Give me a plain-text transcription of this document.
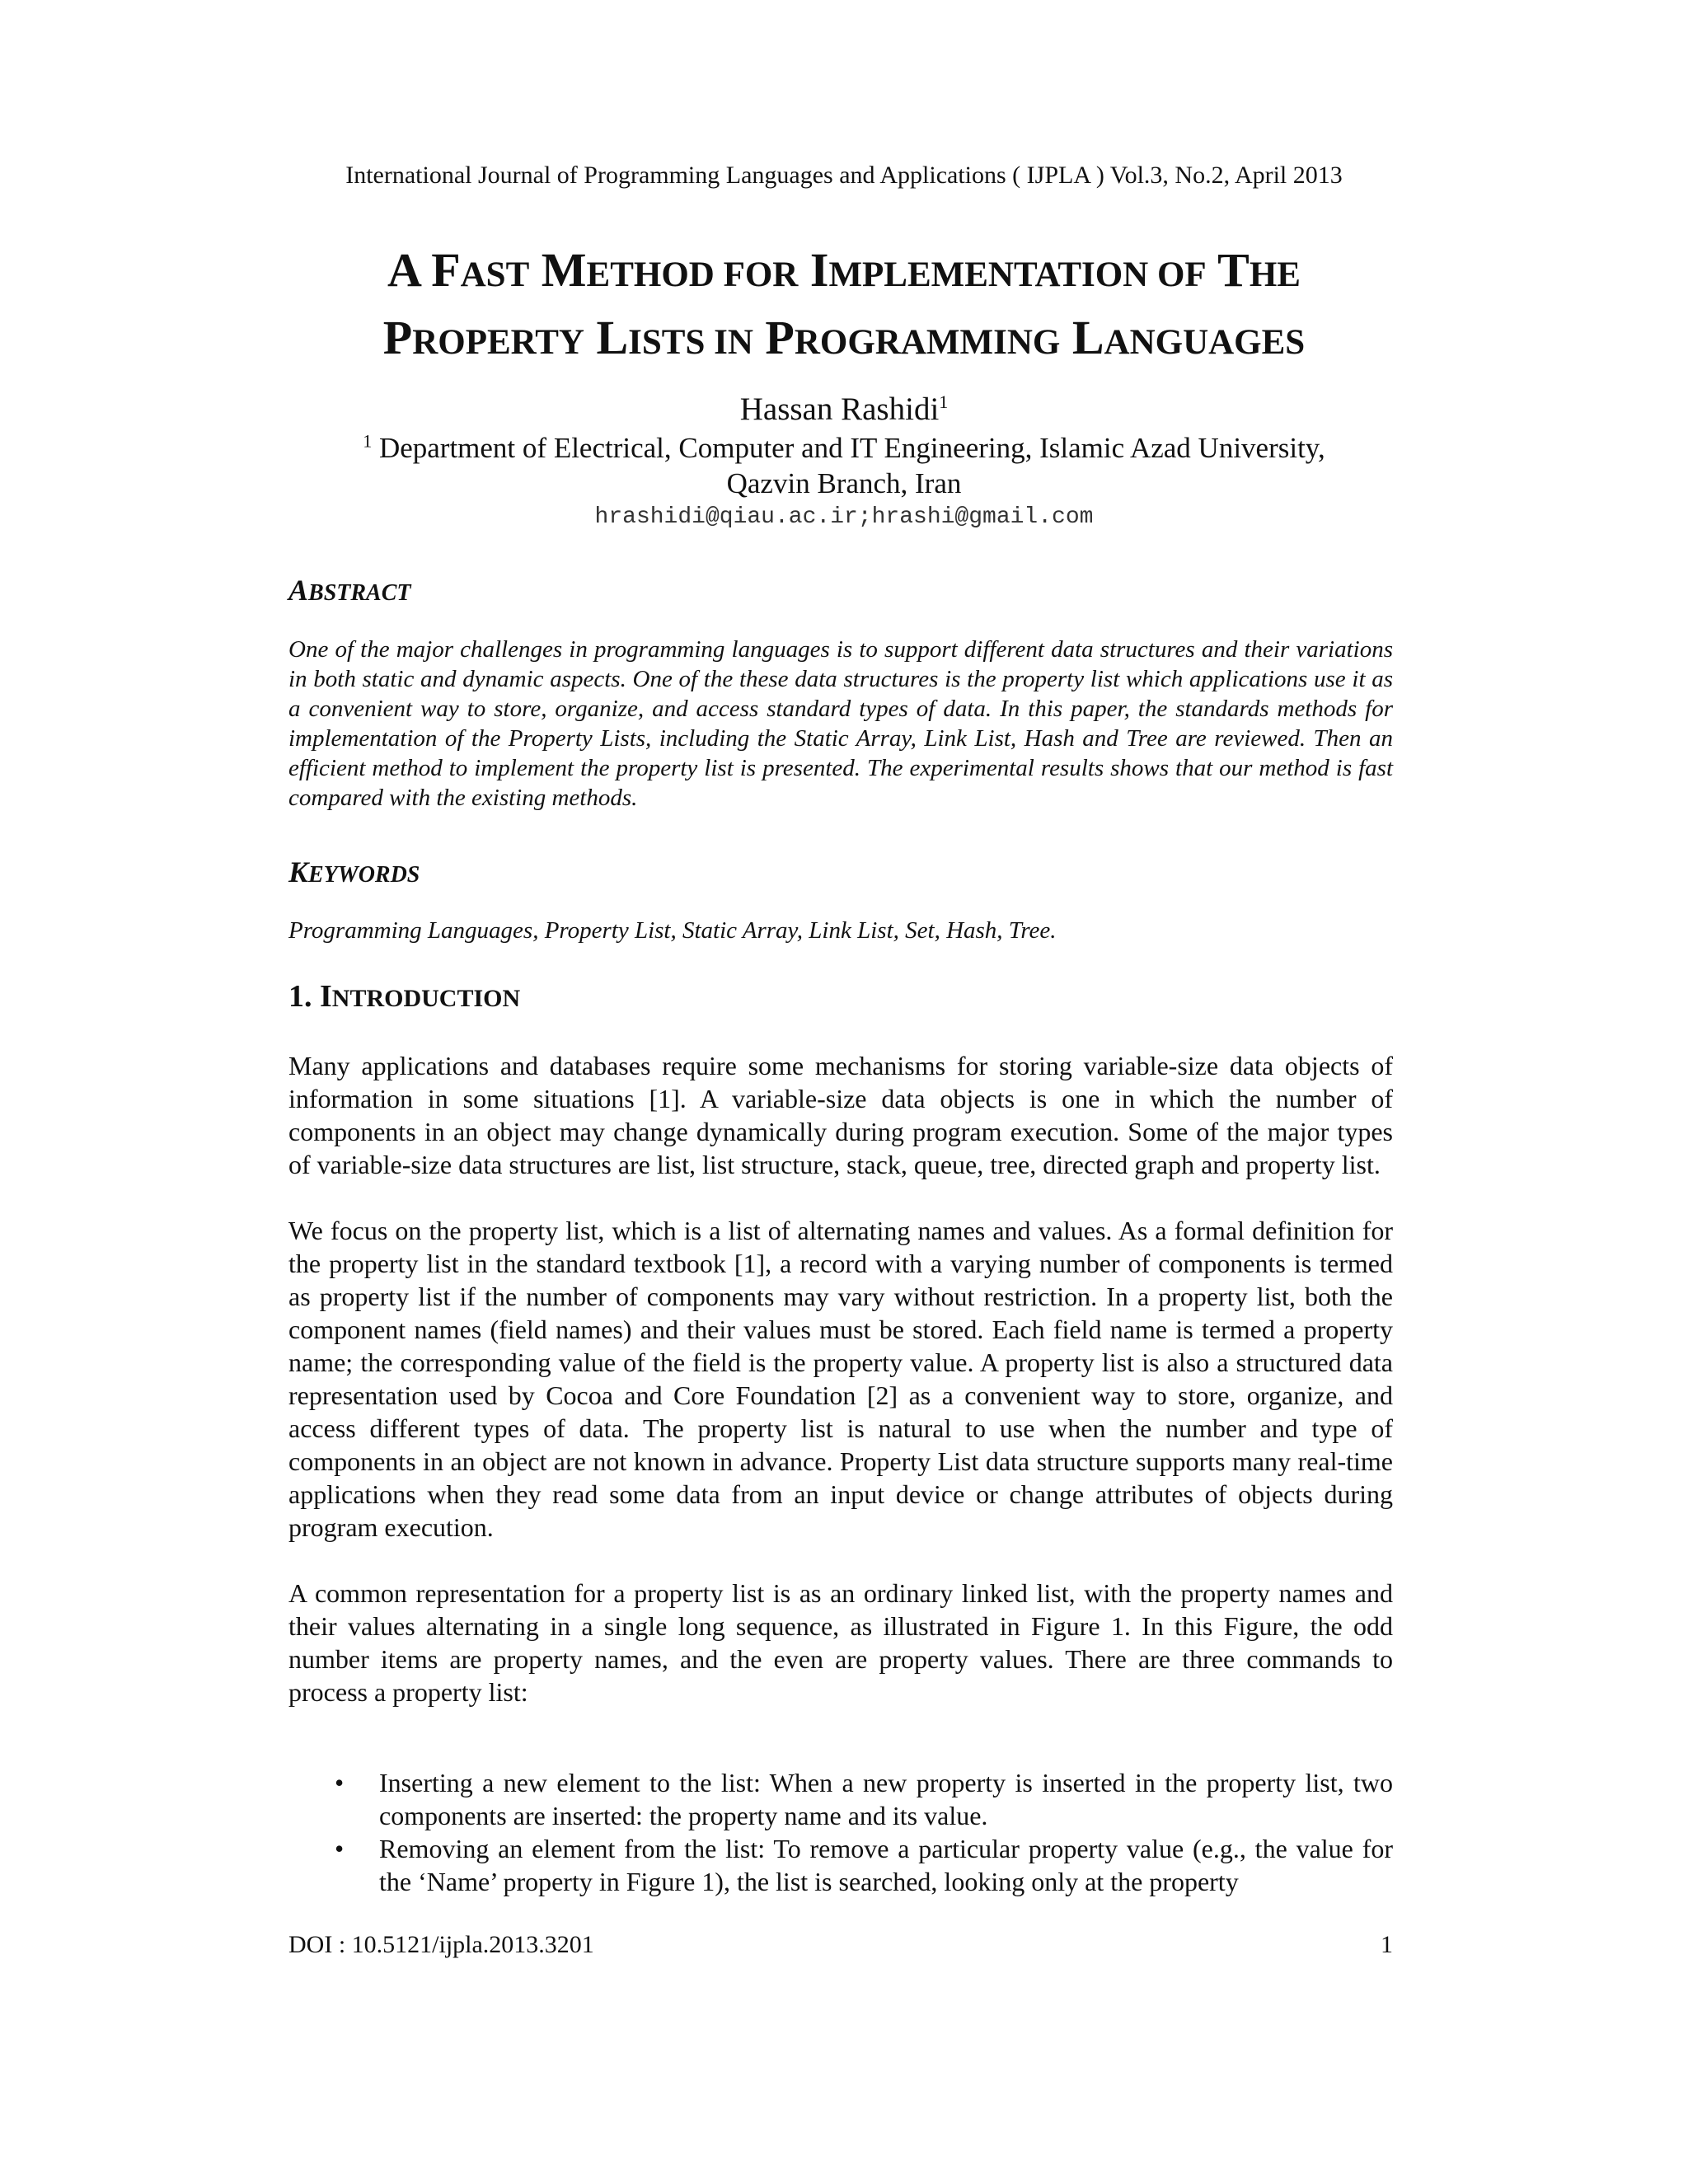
International Journal of Programming Languages and Applications ( IJPLA ) Vol.3, No.2, April 2013
A FAST METHOD FOR IMPLEMENTATION OF THE
PROPERTY LISTS IN PROGRAMMING LANGUAGES
Hassan Rashidi$^1$
$^1$ Department of Electrical, Computer and IT Engineering, Islamic Azad University,
Qazvin Branch, Iran
hrashidi@qiau.ac.ir;hrashi@gmail.com
ABSTRACT
One of the major challenges in programming languages is to support different data structures and their variations in both static and dynamic aspects. One of the these data structures is the property list which applications use it as a convenient way to store, organize, and access standard types of data. In this paper, the standards methods for implementation of the Property Lists, including the Static Array, Link List, Hash and Tree are reviewed. Then an efficient method to implement the property list is presented. The experimental results shows that our method is fast compared with the existing methods.
KEYWORDS
Programming Languages, Property List, Static Array, Link List, Set, Hash, Tree.
1. INTRODUCTION

Many applications and databases require some mechanisms for storing variable-size data objects of information in some situations [1]. A variable-size data objects is one in which the number of components in an object may change dynamically during program execution. Some of the major types of variable-size data structures are list, list structure, stack, queue, tree, directed graph and property list.

We focus on the property list, which is a list of alternating names and values. As a formal definition for the property list in the standard textbook [1], a record with a varying number of components is termed as property list if the number of components may vary without restriction. In a property list, both the component names (field names) and their values must be stored. Each field name is termed a property name; the corresponding value of the field is the property value. A property list is also a structured data representation used by Cocoa and Core Foundation [2] as a convenient way to store, organize, and access different types of data. The property list is natural to use when the number and type of components in an object are not known in advance. Property List data structure supports many real-time applications when they read some data from an input device or change attributes of objects during program execution.

A common representation for a property list is as an ordinary linked list, with the property names and their values alternating in a single long sequence, as illustrated in Figure 1. In this Figure, the odd number items are property names, and the even are property values. There are three commands to process a property list:

• Inserting a new element to the list: When a new property is inserted in the property list, two components are inserted: the property name and its value.
• Removing an element from the list: To remove a particular property value (e.g., the value for the ‘Name’ property in Figure 1), the list is searched, looking only at the property
DOI : 10.5121/ijpla.2013.3201	1
